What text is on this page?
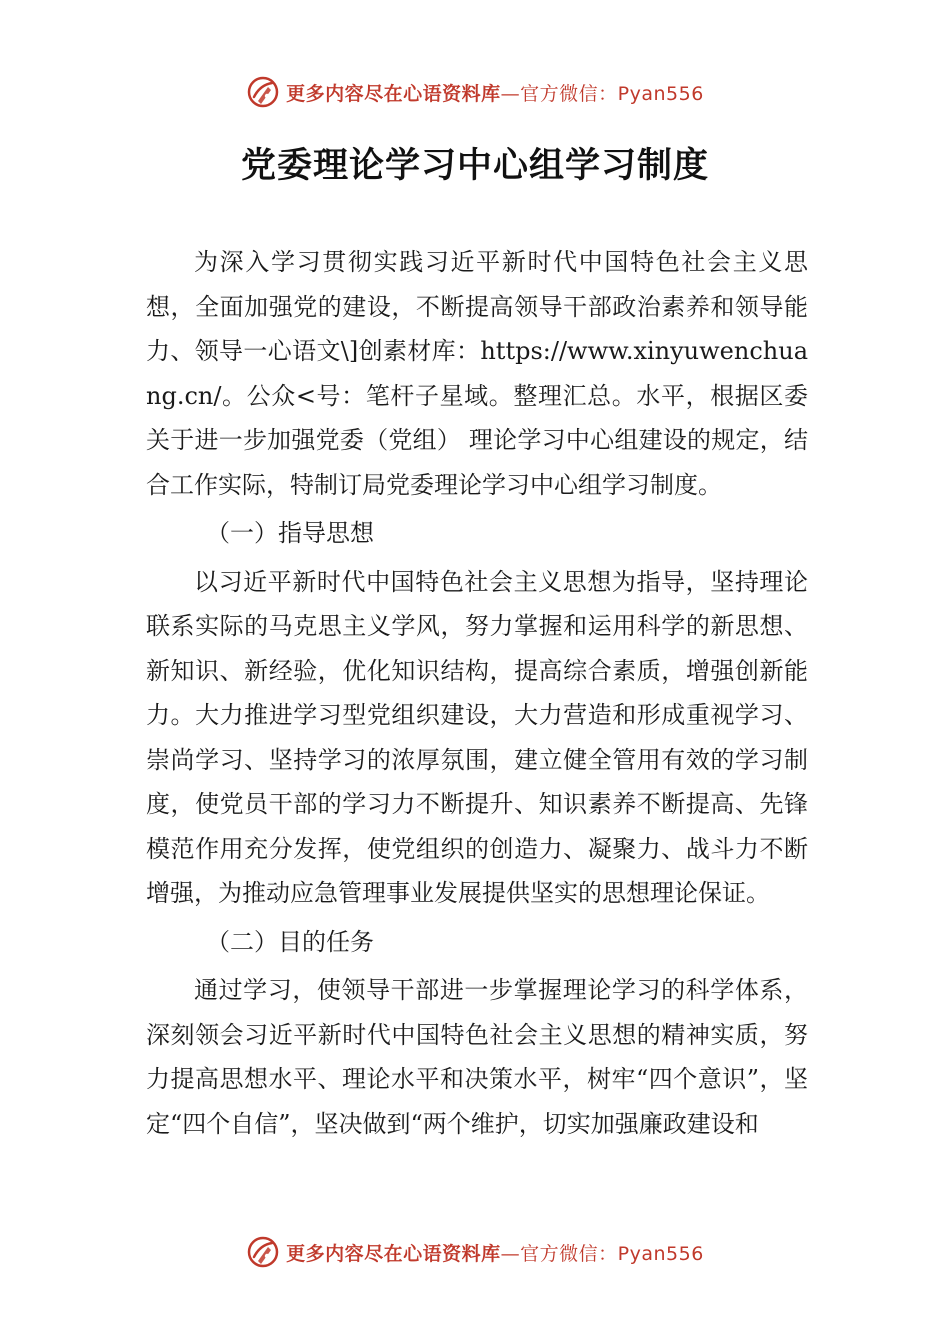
更多内容尽在心语资料库—官方微信：Pyan556
党委理论学习中心组学习制度

为深入学习贯彻实践习近平新时代中国特色社会主义思想，全面加强党的建设，不断提高领导干部政治素养和领导能力、领导一心语文\]创素材库：https://www.xinyuwenchuang.cn/。公众<号：笔杆子星域。整理汇总。水平，根据区委关于进一步加强党委（党组） 理论学习中心组建设的规定，结合工作实际，特制订局党委理论学习中心组学习制度。

（一）指导思想

以习近平新时代中国特色社会主义思想为指导，坚持理论联系实际的马克思主义学风，努力掌握和运用科学的新思想、新知识、新经验，优化知识结构，提高综合素质，增强创新能力。大力推进学习型党组织建设，大力营造和形成重视学习、崇尚学习、坚持学习的浓厚氛围，建立健全管用有效的学习制度，使党员干部的学习力不断提升、知识素养不断提高、先锋模范作用充分发挥，使党组织的创造力、凝聚力、战斗力不断增强，为推动应急管理事业发展提供坚实的思想理论保证。

（二）目的任务

通过学习，使领导干部进一步掌握理论学习的科学体系，深刻领会习近平新时代中国特色社会主义思想的精神实质，努力提高思想水平、理论水平和决策水平，树牢“四个意识”，坚定“四个自信”，坚决做到“两个维护，切实加强廉政建设和

更多内容尽在心语资料库—官方微信：Pyan556
